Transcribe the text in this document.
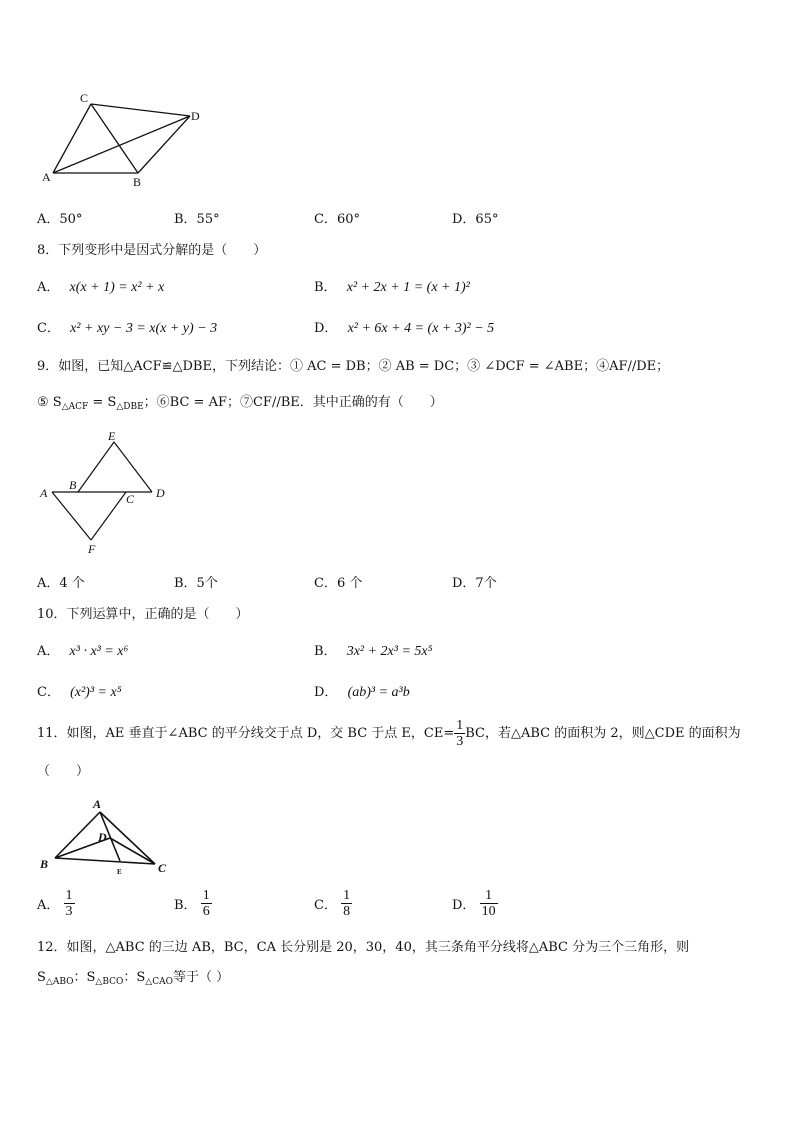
C
D
A	B
A．50°	B．55°	C．60°	D．65°
8．下列变形中是因式分解的是（　　）
A． x(x + 1) = x² + x	B． x² + 2x + 1 = (x + 1)²
C． x² + xy − 3 = x(x + y) − 3	D． x² + 6x + 4 = (x + 3)² − 5
9．如图，已知△ACF≌△DBE，下列结论：① AC = DB；② AB = DC；③ ∠DCF = ∠ABE；④AF//DE；
⑤ $S_{\triangle ACF} = S_{\triangle DBE}$；⑥BC = AF；⑦CF//BE．其中正确的有（　　）
E
A
B
C D
F
A．4 个	B．5个	C．6 个	D．7个
10．下列运算中，正确的是（　　）
A． x³ · x³ = x⁶	B． 3x² + 2x³ = 5x⁵
C． (x²)³ = x⁵	D． (ab)³ = a³b
11．如图，AE 垂直于∠ABC 的平分线交于点 D，交 BC 于点 E，$CE= \frac{1}{3}$ BC，若△ABC 的面积为 2，则△CDE 的面积为
（　　）
A
D
B
E	C
A． $\frac{1}{3}$	B． $\frac{1}{6}$	C． $\frac{1}{8}$	D． $\frac{1}{10}$
12．如图，△ABC 的三边 AB，BC，CA 长分别是 20，30，40，其三条角平分线将△ABC 分为三个三角形，则
$S_{\triangle ABO}$：$S_{\triangle BCO}$：$S_{\triangle CAO}$等于（ ）
